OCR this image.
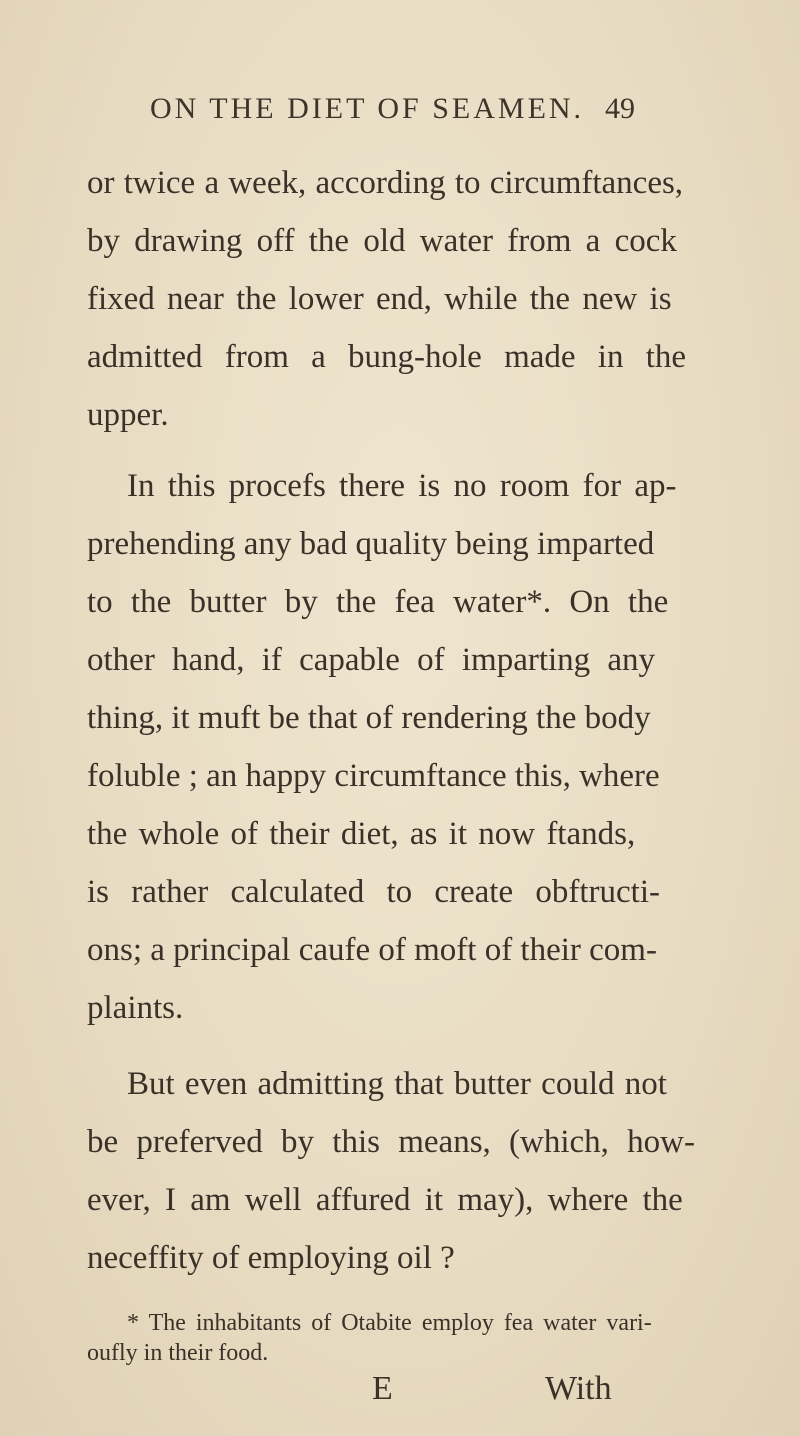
ON THE DIET OF SEAMEN. 49
or twice a week, according to circumftances,
by drawing off the old water from a cock
fixed near the lower end, while the new is
admitted from a bung-hole made in the
upper.
In this procefs there is no room for ap-
prehending any bad quality being imparted
to the butter by the fea water*. On the
other hand, if capable of imparting any
thing, it muft be that of rendering the body
foluble ; an happy circumftance this, where
the whole of their diet, as it now ftands,
is rather calculated to create obftructi-
ons; a principal caufe of moft of their com-
plaints.
But even admitting that butter could not
be preferved by this means, (which, how-
ever, I am well affured it may), where the
neceffity of employing oil ?
* The inhabitants of Otabite employ fea water vari-
oufly in their food.
E	With
